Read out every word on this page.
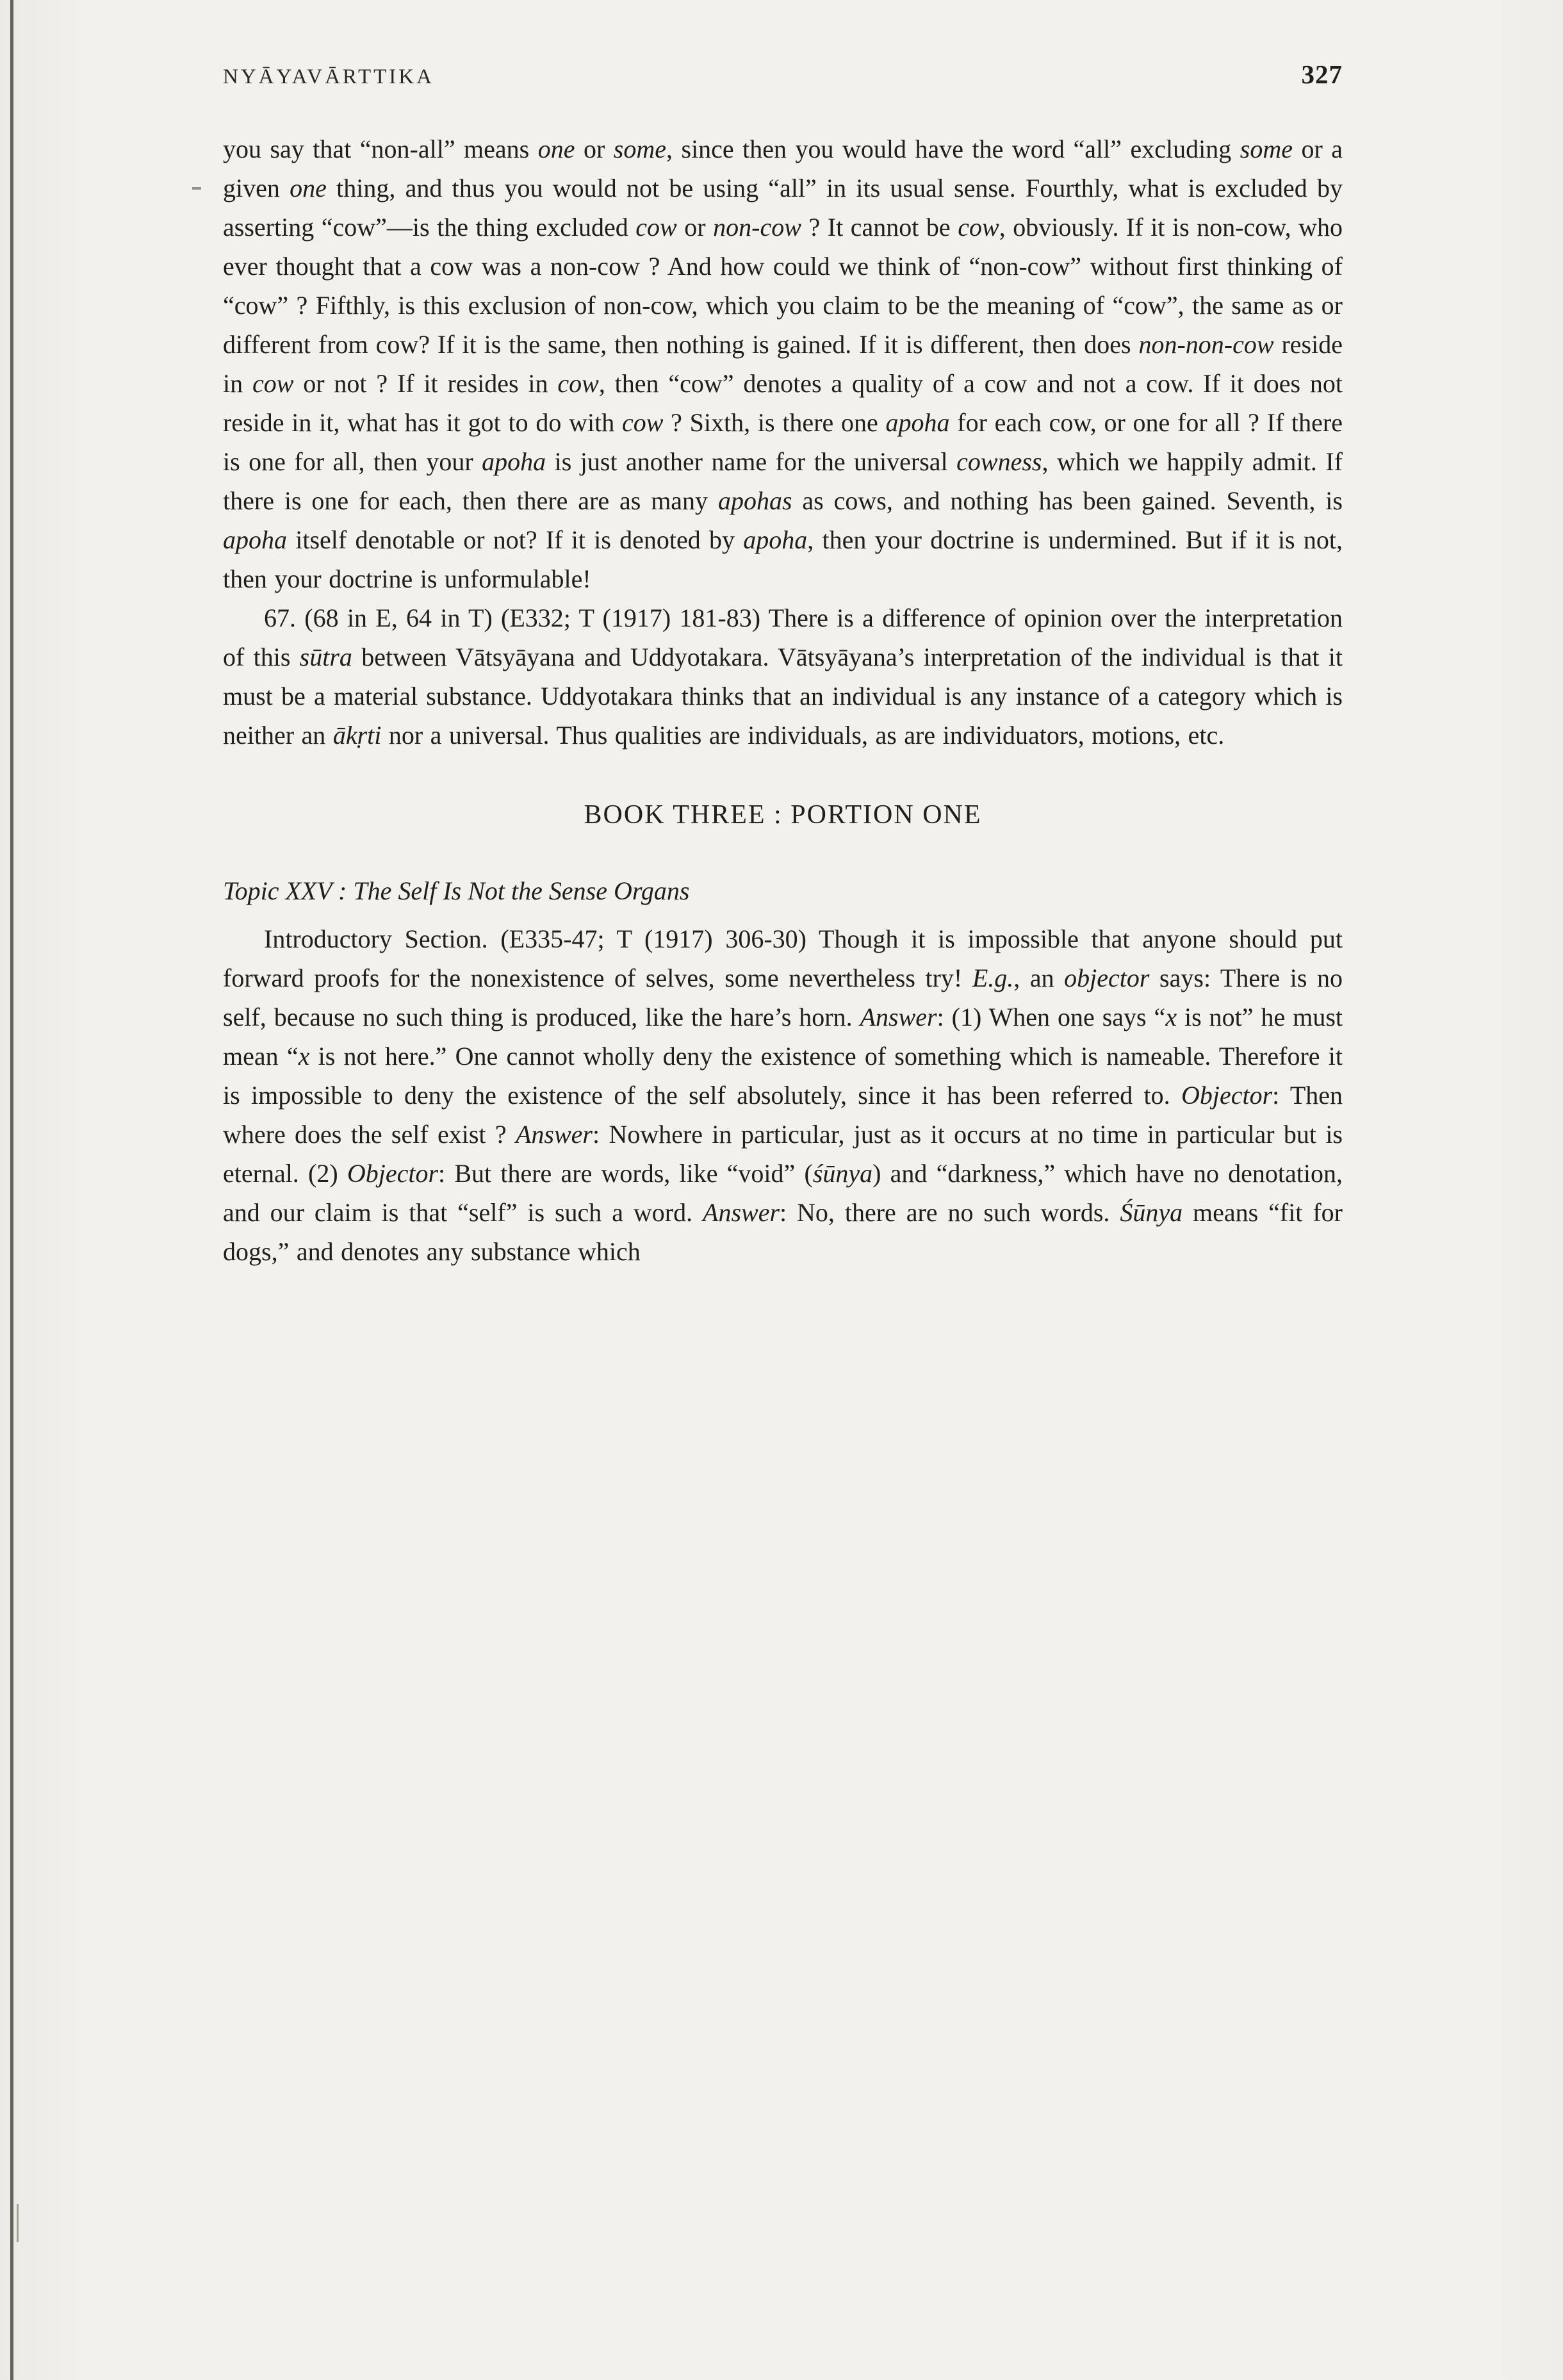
NYĀYAVĀRTTIKA	327

you say that “non-all” means one or some, since then you would have the word “all” excluding some or a given one thing, and thus you would not be using “all” in its usual sense. Fourthly, what is excluded by asserting “cow”—is the thing excluded cow or non-cow ? It cannot be cow, obviously. If it is non-cow, who ever thought that a cow was a non-cow ? And how could we think of “non-cow” without first thinking of “cow” ? Fifthly, is this exclusion of non-cow, which you claim to be the meaning of “cow”, the same as or different from cow? If it is the same, then nothing is gained. If it is different, then does non-non-cow reside in cow or not ? If it resides in cow, then “cow” denotes a quality of a cow and not a cow. If it does not reside in it, what has it got to do with cow ? Sixth, is there one apoha for each cow, or one for all ? If there is one for all, then your apoha is just another name for the universal cowness, which we happily admit. If there is one for each, then there are as many apohas as cows, and nothing has been gained. Seventh, is apoha itself denotable or not? If it is denoted by apoha, then your doctrine is undermined. But if it is not, then your doctrine is unformulable!

67. (68 in E, 64 in T) (E332; T (1917) 181-83) There is a difference of opinion over the interpretation of this sūtra between Vātsyāyana and Uddyotakara. Vātsyāyana’s interpretation of the individual is that it must be a material substance. Uddyotakara thinks that an individual is any instance of a category which is neither an ākṛti nor a universal. Thus qualities are individuals, as are individuators, motions, etc.

BOOK THREE : PORTION ONE

Topic XXV : The Self Is Not the Sense Organs

Introductory Section. (E335-47; T (1917) 306-30) Though it is impossible that anyone should put forward proofs for the nonexistence of selves, some nevertheless try! E.g., an objector says: There is no self, because no such thing is produced, like the hare’s horn. Answer: (1) When one says “x is not” he must mean “x is not here.” One cannot wholly deny the existence of something which is nameable. Therefore it is impossible to deny the existence of the self absolutely, since it has been referred to. Objector: Then where does the self exist ? Answer: Nowhere in particular, just as it occurs at no time in particular but is eternal. (2) Objector: But there are words, like “void” (śūnya) and “darkness,” which have no denotation, and our claim is that “self” is such a word. Answer: No, there are no such words. Śūnya means “fit for dogs,” and denotes any substance which
